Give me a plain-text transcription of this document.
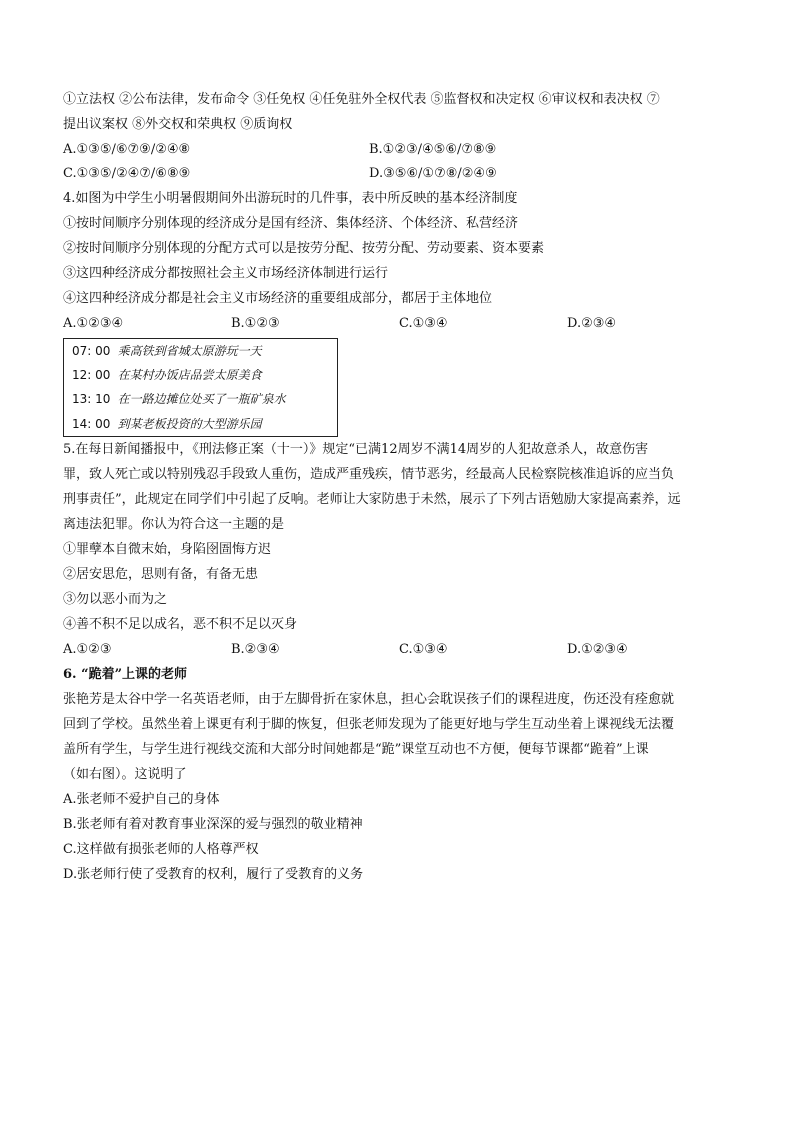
①立法权 ②公布法律，发布命令 ③任免权 ④任免驻外全权代表 ⑤监督权和决定权 ⑥审议权和表决权 ⑦
提出议案权 ⑧外交权和荣典权 ⑨质询权
A.①③⑤/⑥⑦⑨/②④⑧	B.①②③/④⑤⑥/⑦⑧⑨
C.①③⑤/②④⑦/⑥⑧⑨	D.③⑤⑥/①⑦⑧/②④⑨
4.如图为中学生小明暑假期间外出游玩时的几件事，表中所反映的基本经济制度
①按时间顺序分别体现的经济成分是国有经济、集体经济、个体经济、私营经济
②按时间顺序分别体现的分配方式可以是按劳分配、按劳分配、劳动要素、资本要素
③这四种经济成分都按照社会主义市场经济体制进行运行
④这四种经济成分都是社会主义市场经济的重要组成部分，都居于主体地位
A.①②③④	B.①②③	C.①③④	D.②③④
07: 00 乘高铁到省城太原游玩一天
12: 00 在某村办饭店品尝太原美食
13: 10 在一路边摊位处买了一瓶矿泉水
14: 00 到某老板投资的大型游乐园
5.在每日新闻播报中，《刑法修正案（十一）》规定“已满12周岁不满14周岁的人犯故意杀人，故意伤害
罪，致人死亡或以特别残忍手段致人重伤，造成严重残疾，情节恶劣，经最高人民检察院核准追诉的应当负
刑事责任”，此规定在同学们中引起了反响。老师让大家防患于未然，展示了下列古语勉励大家提高素养，远
离违法犯罪。你认为符合这一主题的是
①罪孽本自微末始，身陷囹圄悔方迟
②居安思危，思则有备，有备无患
③勿以恶小而为之
④善不积不足以成名，恶不积不足以灭身
A.①②③	B.②③④	C.①③④	D.①②③④
6. “跪着”上课的老师
张艳芳是太谷中学一名英语老师，由于左脚骨折在家休息，担心会耽误孩子们的课程进度，伤还没有痊愈就
回到了学校。虽然坐着上课更有利于脚的恢复，但张老师发现为了能更好地与学生互动坐着上课视线无法覆
盖所有学生，与学生进行视线交流和大部分时间她都是“跪”课堂互动也不方便，便每节课都“跪着”上课
（如右图）。这说明了
A.张老师不爱护自己的身体
B.张老师有着对教育事业深深的爱与强烈的敬业精神
C.这样做有损张老师的人格尊严权
D.张老师行使了受教育的权利，履行了受教育的义务
